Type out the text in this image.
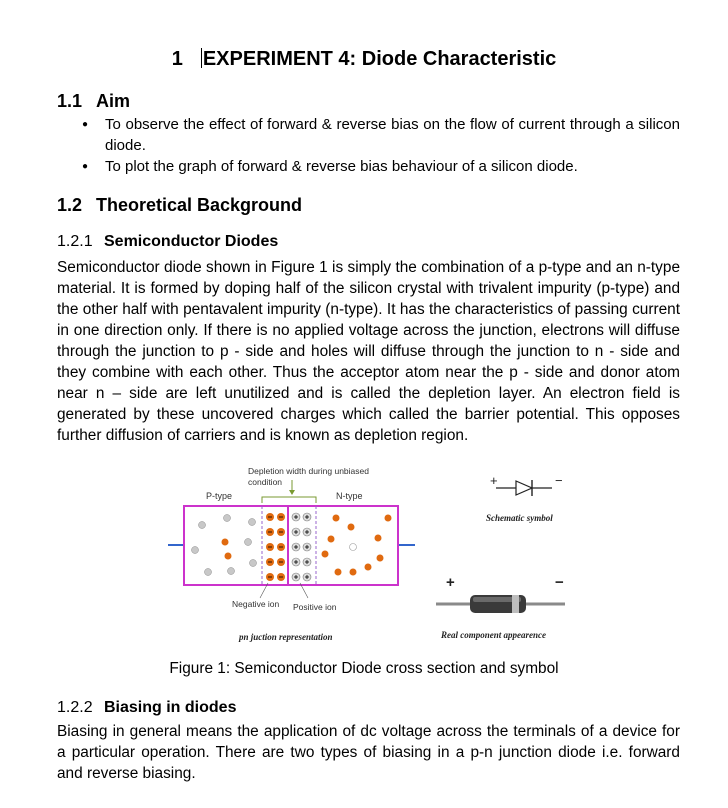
1 EXPERIMENT 4: Diode Characteristic
1.1 Aim
● To observe the effect of forward & reverse bias on the flow of current through a silicon diode.
● To plot the graph of forward & reverse bias behaviour of a silicon diode.
1.2 Theoretical Background
1.2.1 Semiconductor Diodes

Semiconductor diode shown in Figure 1 is simply the combination of a p-type and an n-type material. It is formed by doping half of the silicon crystal with trivalent impurity (p-type) and the other half with pentavalent impurity (n-type). It has the characteristics of passing current in one direction only. If there is no applied voltage across the junction, electrons will diffuse through the junction to p - side and holes will diffuse through the junction to n - side and they combine with each other. Thus the acceptor atom near the p - side and donor atom near n – side are left unutilized and is called the depletion layer. An electron field is generated by these uncovered charges which called the barrier potential. This opposes further diffusion of carriers and is known as depletion region.

Depletion width during unbiased
condition
P-type	N-type
Negative ion Positive ion
pn juction representation
+	−
Schematic symbol
+	−
Real component appearence

Figure 1: Semiconductor Diode cross section and symbol

1.2.2 Biasing in diodes

Biasing in general means the application of dc voltage across the terminals of a device for a particular operation. There are two types of biasing in a p-n junction diode i.e. forward and reverse biasing.
